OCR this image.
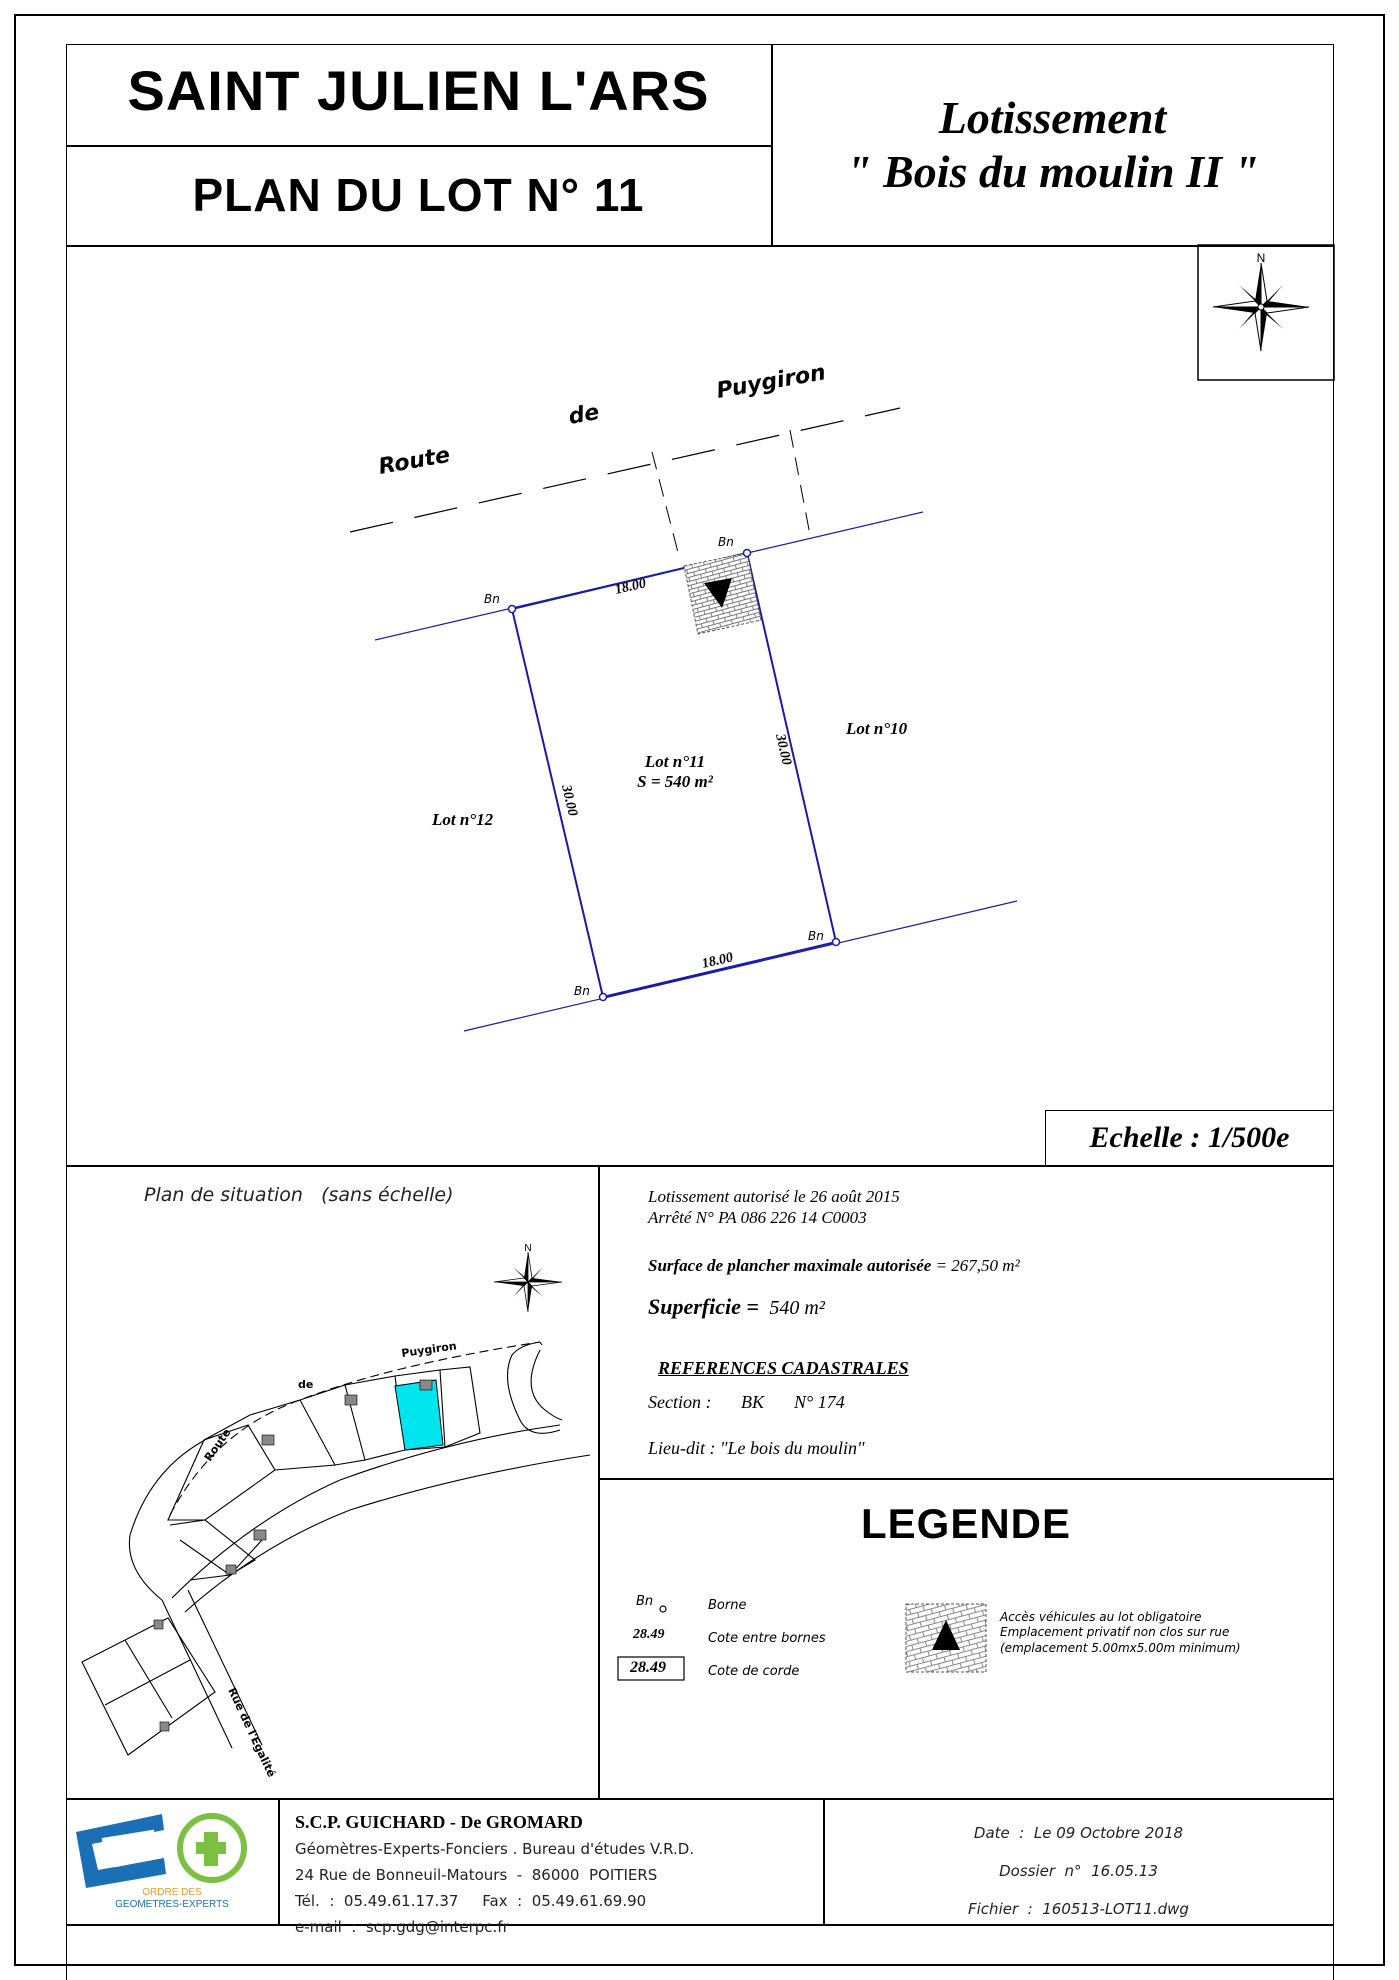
SAINT JULIEN L'ARS
PLAN DU LOT N° 11
Lotissement
" Bois du moulin II "
N
Route
de
Puygiron
Bn
Bn
Bn
Bn
18.00
18.00
30.00
30.00
Lot n°11
S = 540 m²
Lot n°12
Lot n°10
N
Route
de
Puygiron
Rue de l'Egalité
Echelle : 1/500e
Plan de situation   (sans échelle)	Lotissement autorisé le 26 août 2015
Arrêté N° PA 086 226 14 C0003
Surface de plancher maximale autorisée = 267,50 m²
Superficie =  540 m²
REFERENCES CADASTRALES
Section : BK N° 174
Lieu-dit : "Le bois du moulin"
LEGENDE
Bn	Borne
28.49	Cote entre bornes
28.49	Cote de corde
Accès véhicules au lot obligatoire
Emplacement privatif non clos sur rue
(emplacement 5.00mx5.00m minimum)
ORDRE DES
GEOMETRES-EXPERTS
S.C.P. GUICHARD - De GROMARD
Géomètres-Experts-Fonciers . Bureau d'études V.R.D.
24 Rue de Bonneuil-Matours  -  86000  POITIERS
Tél.  :  05.49.61.17.37     Fax  :  05.49.61.69.90
e-mail  :  scp.gdg@interpc.fr
Date  :  Le 09 Octobre 2018
Dossier  n°  16.05.13
Fichier  :  160513-LOT11.dwg
